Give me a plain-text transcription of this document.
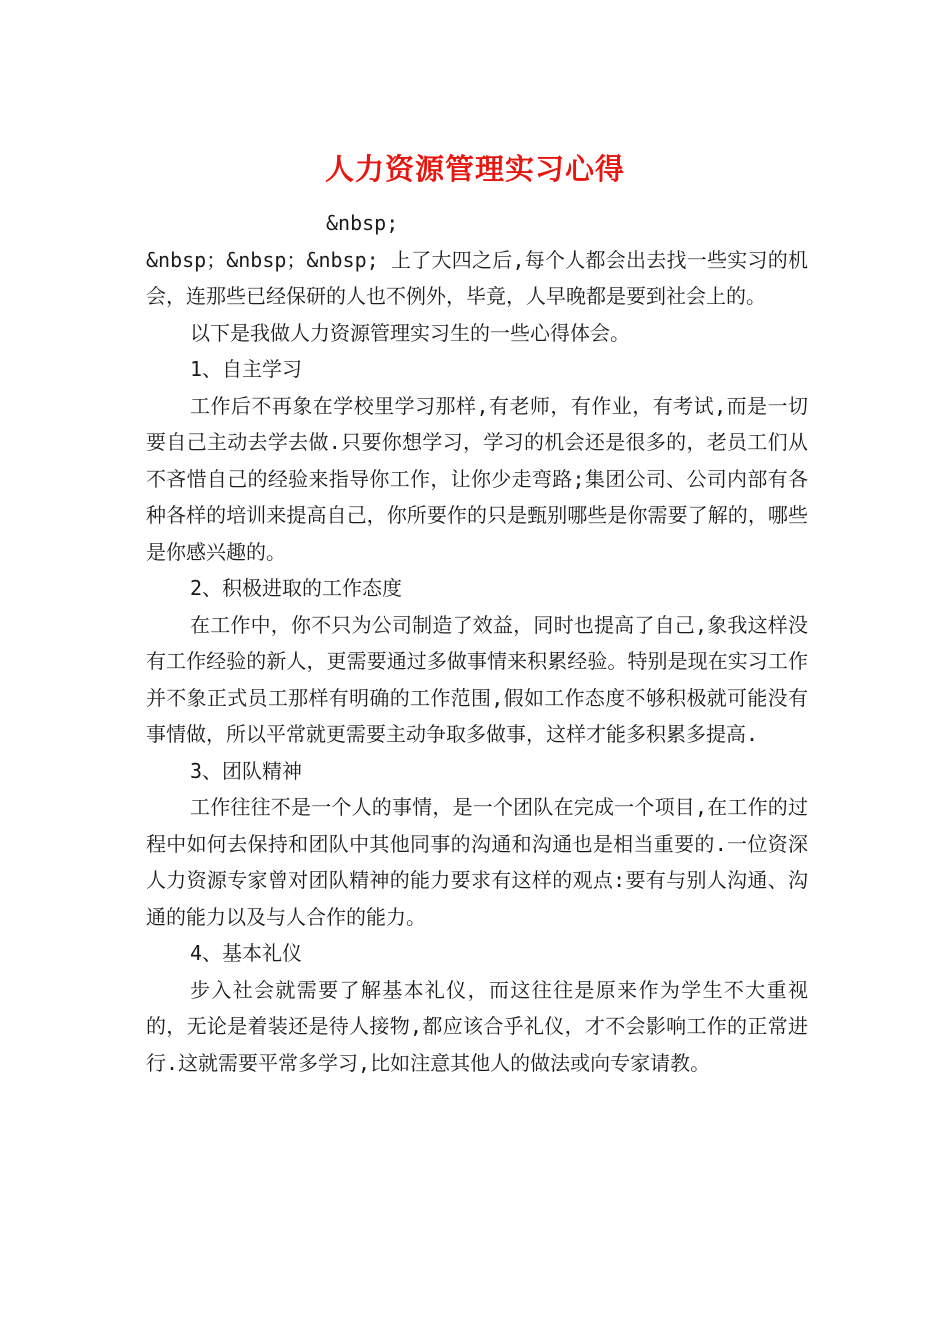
人力资源管理实习心得

&nbsp;

&nbsp；&nbsp；&nbsp; 上了大四之后,每个人都会出去找一些实习的机会，连那些已经保研的人也不例外，毕竟，人早晚都是要到社会上的。

以下是我做人力资源管理实习生的一些心得体会。

1、自主学习

工作后不再象在学校里学习那样,有老师，有作业，有考试,而是一切要自己主动去学去做.只要你想学习，学习的机会还是很多的，老员工们从不吝惜自己的经验来指导你工作，让你少走弯路;集团公司、公司内部有各种各样的培训来提高自己，你所要作的只是甄别哪些是你需要了解的，哪些是你感兴趣的。

2、积极进取的工作态度

在工作中，你不只为公司制造了效益，同时也提高了自己,象我这样没有工作经验的新人，更需要通过多做事情来积累经验。特别是现在实习工作并不象正式员工那样有明确的工作范围,假如工作态度不够积极就可能没有事情做，所以平常就更需要主动争取多做事，这样才能多积累多提高.

3、团队精神

工作往往不是一个人的事情，是一个团队在完成一个项目,在工作的过程中如何去保持和团队中其他同事的沟通和沟通也是相当重要的.一位资深人力资源专家曾对团队精神的能力要求有这样的观点:要有与别人沟通、沟通的能力以及与人合作的能力。

4、基本礼仪

步入社会就需要了解基本礼仪，而这往往是原来作为学生不大重视的，无论是着装还是待人接物,都应该合乎礼仪，才不会影响工作的正常进行.这就需要平常多学习,比如注意其他人的做法或向专家请教。
